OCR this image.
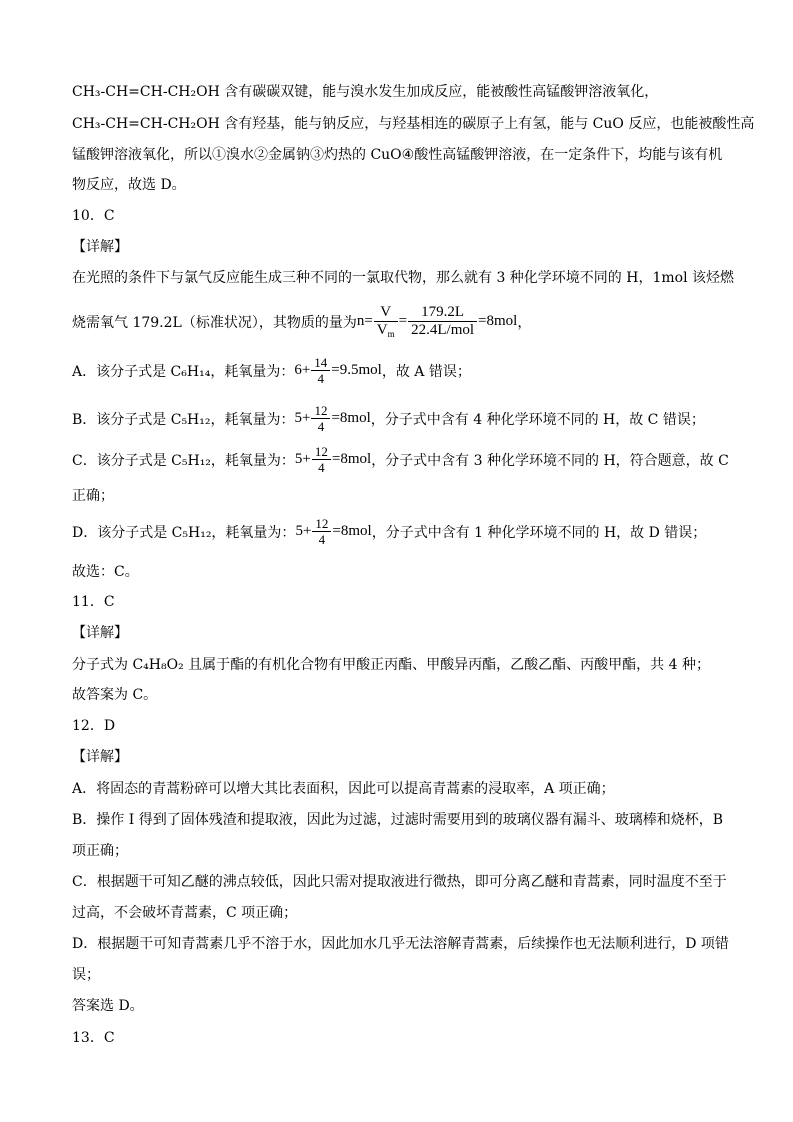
CH₃-CH=CH-CH₂OH 含有碳碳双键，能与溴水发生加成反应，能被酸性高锰酸钾溶液氧化，
CH₃-CH=CH-CH₂OH 含有羟基，能与钠反应，与羟基相连的碳原子上有氢，能与 CuO 反应，也能被酸性高
锰酸钾溶液氧化，所以①溴水②金属钠③灼热的 CuO④酸性高锰酸钾溶液，在一定条件下，均能与该有机
物反应，故选 D。
10．C
【详解】
在光照的条件下与氯气反应能生成三种不同的一氯取代物，那么就有 3 种化学环境不同的 H，1mol 该烃燃
烧需氧气 179.2L（标准状况），其物质的量为 $n= \frac{V}{V_m} = \frac{179.2L}{\text{22.4L/mol}} =8mol$ ，
A．该分子式是 C₆H₁₄，耗氧量为： $6+ \frac{14}{4} =9.5mol$ ，故 A 错误；
B．该分子式是 C₅H₁₂，耗氧量为： $5+ \frac{12}{4} =8mol$ ，分子式中含有 4 种化学环境不同的 H，故 C 错误；
C．该分子式是 C₅H₁₂，耗氧量为： $5+ \frac{12}{4} =8mol$ ，分子式中含有 3 种化学环境不同的 H，符合题意，故 C
正确；
D．该分子式是 C₅H₁₂，耗氧量为： $5+ \frac{12}{4} =8mol$ ，分子式中含有 1 种化学环境不同的 H，故 D 错误；
故选：C。
11．C
【详解】
分子式为 C₄H₈O₂ 且属于酯的有机化合物有甲酸正丙酯、甲酸异丙酯，乙酸乙酯、丙酸甲酯，共 4 种；
故答案为 C。
12．D
【详解】
A．将固态的青蒿粉碎可以增大其比表面积，因此可以提高青蒿素的浸取率，A 项正确；
B．操作 I 得到了固体残渣和提取液，因此为过滤，过滤时需要用到的玻璃仪器有漏斗、玻璃棒和烧杯，B
项正确；
C．根据题干可知乙醚的沸点较低，因此只需对提取液进行微热，即可分离乙醚和青蒿素，同时温度不至于
过高，不会破坏青蒿素，C 项正确；
D．根据题干可知青蒿素几乎不溶于水，因此加水几乎无法溶解青蒿素，后续操作也无法顺利进行，D 项错
误；
答案选 D。
13．C
